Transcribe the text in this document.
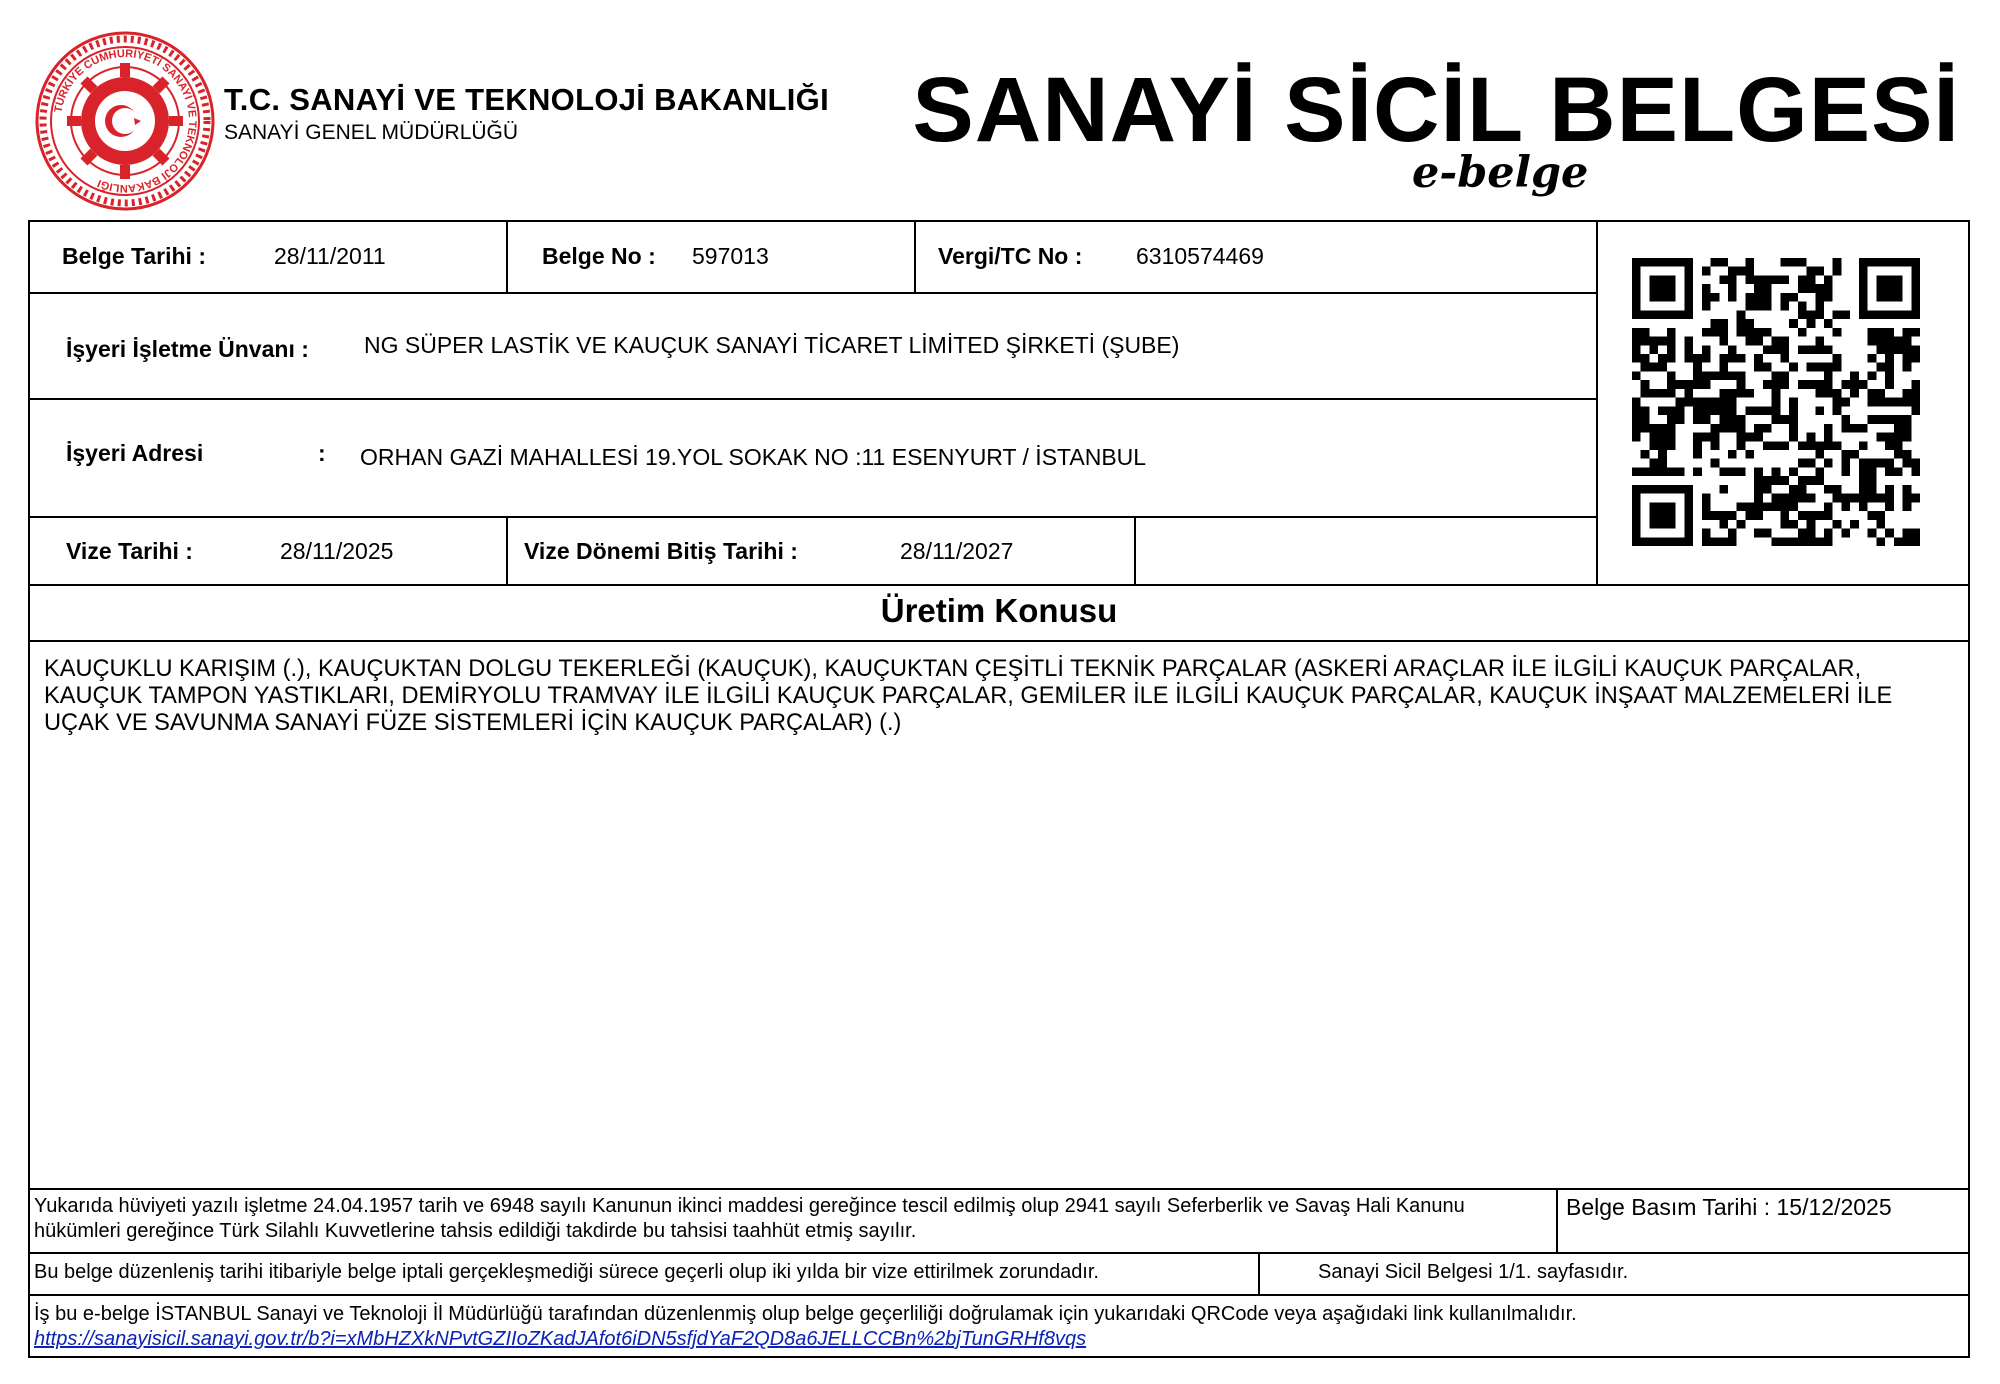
TÜRKİYE CUMHURİYETİ SANAYİ VE TEKNOLOJİ BAKANLIĞI
T.C. SANAYİ VE TEKNOLOJİ BAKANLIĞI
SANAYİ GENEL MÜDÜRLÜĞÜ	SANAYİ SİCİL BELGESİ
e-belge
Belge Tarihi :	28/11/2011	Belge No : 597013	Vergi/TC No : 6310574469
İşyeri İşletme Ünvanı : NG SÜPER LASTİK VE KAUÇUK SANAYİ TİCARET LİMİTED ŞİRKETİ (ŞUBE)
İşyeri Adresi	: ORHAN GAZİ MAHALLESİ 19.YOL SOKAK NO :11 ESENYURT / İSTANBUL
Vize Tarihi :	28/11/2025	Vize Dönemi Bitiş Tarihi :	28/11/2027
Üretim Konusu
KAUÇUKLU KARIŞIM (.), KAUÇUKTAN DOLGU TEKERLEĞİ (KAUÇUK), KAUÇUKTAN ÇEŞİTLİ TEKNİK PARÇALAR (ASKERİ ARAÇLAR İLE İLGİLİ KAUÇUK PARÇALAR, KAUÇUK TAMPON YASTIKLARI, DEMİRYOLU TRAMVAY İLE İLGİLİ KAUÇUK PARÇALAR, GEMİLER İLE İLGİLİ KAUÇUK PARÇALAR, KAUÇUK İNŞAAT MALZEMELERİ İLE UÇAK VE SAVUNMA SANAYİ FÜZE SİSTEMLERİ İÇİN KAUÇUK PARÇALAR) (.)
Yukarıda hüviyeti yazılı işletme 24.04.1957 tarih ve 6948 sayılı Kanunun ikinci maddesi gereğince tescil edilmiş olup 2941 sayılı Seferberlik ve Savaş Hali Kanunu hükümleri gereğince Türk Silahlı Kuvvetlerine tahsis edildiği takdirde bu tahsisi taahhüt etmiş sayılır.
Belge Basım Tarihi : 15/12/2025
Bu belge düzenleniş tarihi itibariyle belge iptali gerçekleşmediği sürece geçerli olup iki yılda bir vize ettirilmek zorundadır.	Sanayi Sicil Belgesi 1/1. sayfasıdır.
İş bu e-belge İSTANBUL Sanayi ve Teknoloji İl Müdürlüğü tarafından düzenlenmiş olup belge geçerliliği doğrulamak için yukarıdaki QRCode veya aşağıdaki link kullanılmalıdır.
https://sanayisicil.sanayi.gov.tr/b?i=xMbHZXkNPvtGZIIoZKadJAfot6iDN5sfjdYaF2QD8a6JELLCCBn%2bjTunGRHf8vqs
